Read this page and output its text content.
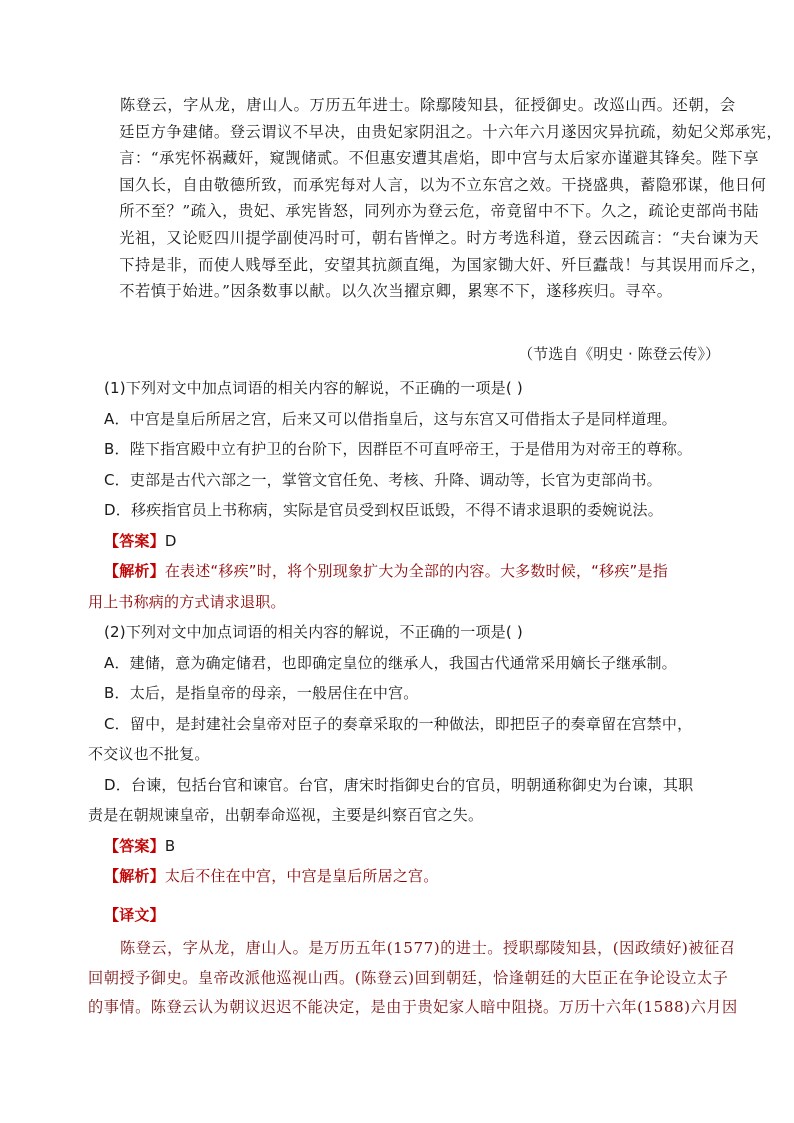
陈登云，字从龙，唐山人。万历五年进士。除鄢陵知县，征授御史。改巡山西。还朝，会
廷臣方争建储。登云谓议不早决，由贵妃家阴沮之。十六年六月遂因灾异抗疏，劾妃父郑承宪，
言：“承宪怀祸藏奸，窥觊储贰。不但惠安遭其虐焰，即中宫与太后家亦谨避其锋矣。陛下享
国久长，自由敬德所致，而承宪每对人言，以为不立东宫之效。干挠盛典，蓄隐邪谋，他日何
所不至？”疏入，贵妃、承宪皆怒，同列亦为登云危，帝竟留中不下。久之，疏论吏部尚书陆
光祖，又论贬四川提学副使冯时可，朝右皆惮之。时方考选科道，登云因疏言：“夫台谏为天
下持是非，而使人贱辱至此，安望其抗颜直绳，为国家锄大奸、歼巨蠹哉！与其误用而斥之，
不若慎于始进。”因条数事以献。以久次当擢京卿，累寒不下，遂移疾归。寻卒。
（节选自《明史 · 陈登云传》）
(1)下列对文中加点词语的相关内容的解说，不正确的一项是( )
A．中宫是皇后所居之宫，后来又可以借指皇后，这与东宫又可借指太子是同样道理。
B．陛下指宫殿中立有护卫的台阶下，因群臣不可直呼帝王，于是借用为对帝王的尊称。
C．吏部是古代六部之一，掌管文官任免、考核、升降、调动等，长官为吏部尚书。
D．移疾指官员上书称病，实际是官员受到权臣诋毁，不得不请求退职的委婉说法。
【答案】D
【解析】在表述“移疾”时，将个别现象扩大为全部的内容。大多数时候，“移疾”是指
用上书称病的方式请求退职。
(2)下列对文中加点词语的相关内容的解说，不正确的一项是( )
A．建储，意为确定储君，也即确定皇位的继承人，我国古代通常采用嫡长子继承制。
B．太后，是指皇帝的母亲，一般居住在中宫。
C．留中，是封建社会皇帝对臣子的奏章采取的一种做法，即把臣子的奏章留在宫禁中，
不交议也不批复。
D．台谏，包括台官和谏官。台官，唐宋时指御史台的官员，明朝通称御史为台谏，其职
责是在朝规谏皇帝，出朝奉命巡视，主要是纠察百官之失。
【答案】B
【解析】太后不住在中宫，中宫是皇后所居之宫。
【译文】
陈登云，字从龙，唐山人。是万历五年(1577)的进士。授职鄢陵知县，(因政绩好)被征召
回朝授予御史。皇帝改派他巡视山西。(陈登云)回到朝廷，恰逢朝廷的大臣正在争论设立太子
的事情。陈登云认为朝议迟迟不能决定，是由于贵妃家人暗中阻挠。万历十六年(1588)六月因
